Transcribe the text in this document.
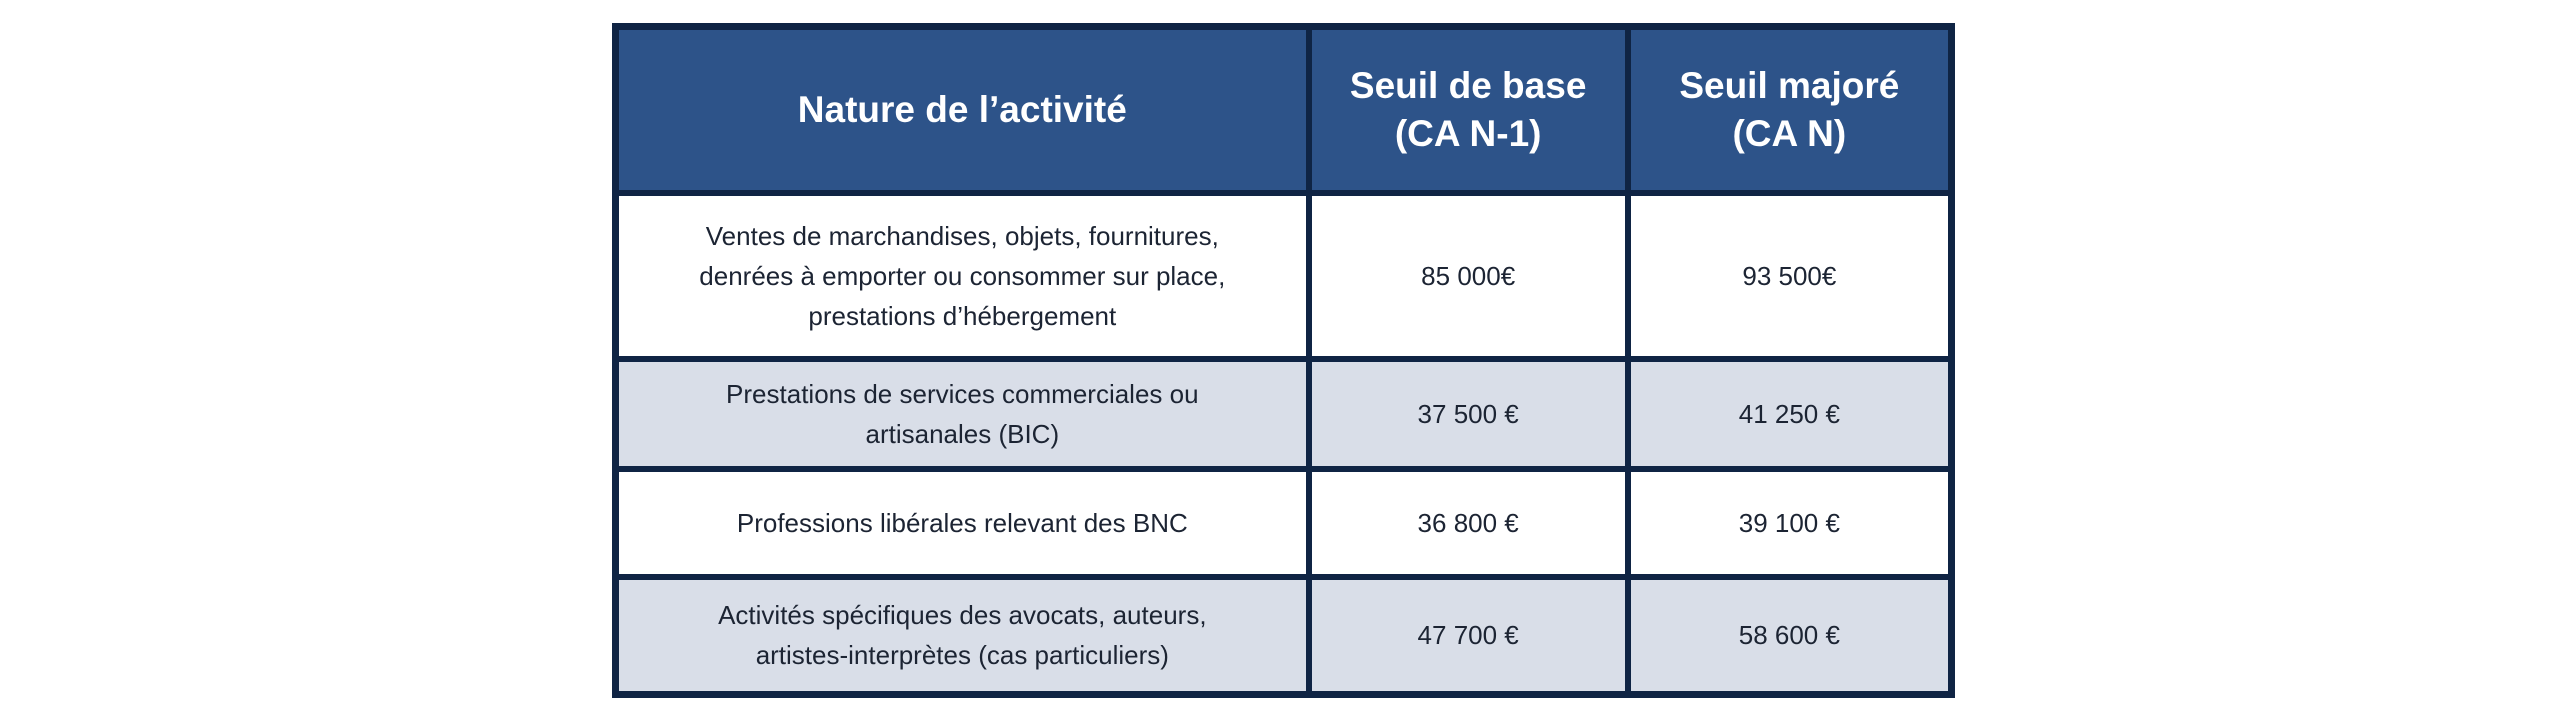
Nature de l’activité	Seuil de base (CA N-1)	Seuil majoré (CA N)
Ventes de marchandises, objets, fournitures, denrées à emporter ou consommer sur place, prestations d’hébergement	85 000€	93 500€
Prestations de services commerciales ou artisanales (BIC)	37 500 €	41 250 €
Professions libérales relevant des BNC	36 800 €	39 100 €
Activités spécifiques des avocats, auteurs, artistes-interprètes (cas particuliers)	47 700 €	58 600 €
